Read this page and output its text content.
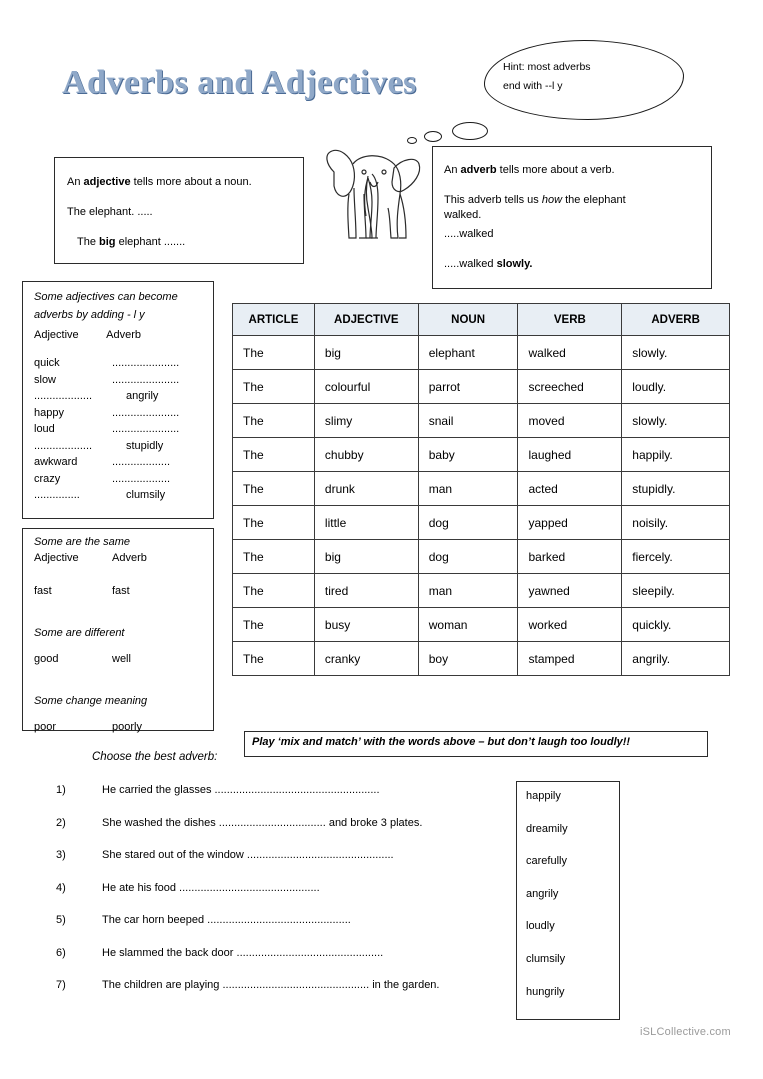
Adverbs and Adjectives	Hint: most adverbs
end with --l y
An adjective tells more about a noun.
The elephant. .....
The big elephant .......
An adverb tells more about a verb.
This adverb tells us how the elephant
walked.
.....walked
.....walked slowly.
Some adjectives can become
adverbs by adding - l y
Adjective	Adverb
quick	......................
slow	......................
...................	angrily
happy	......................
loud	......................
...................	stupidly
awkward	...................
crazy	...................
...............	clumsily
Some are the same
Adjective	Adverb
fast	fast
Some are different
good	well
Some change meaning
poor	poorly
ARTICLE	ADJECTIVE	NOUN	VERB	ADVERB
The	big	elephant	walked	slowly.
The	colourful	parrot	screeched	loudly.
The	slimy	snail	moved	slowly.
The	chubby	baby	laughed	happily.
The	drunk	man	acted	stupidly.
The	little	dog	yapped	noisily.
The	big	dog	barked	fiercely.
The	tired	man	yawned	sleepily.
The	busy	woman	worked	quickly.
The	cranky	boy	stamped	angrily.
Play ‘mix and match’ with the words above – but don’t laugh too loudly!!
Choose the best adverb:
1)	He carried the glasses ......................................................
2)	She washed the dishes ................................... and broke 3 plates.
3)	She stared out of the window ................................................
4)	He ate his food ..............................................
5)	The car horn beeped ...............................................
6)	He slammed the back door ................................................
7)	The children are playing ................................................ in the garden.
happily
dreamily
carefully
angrily
loudly
clumsily
hungrily
iSLCollective.com
